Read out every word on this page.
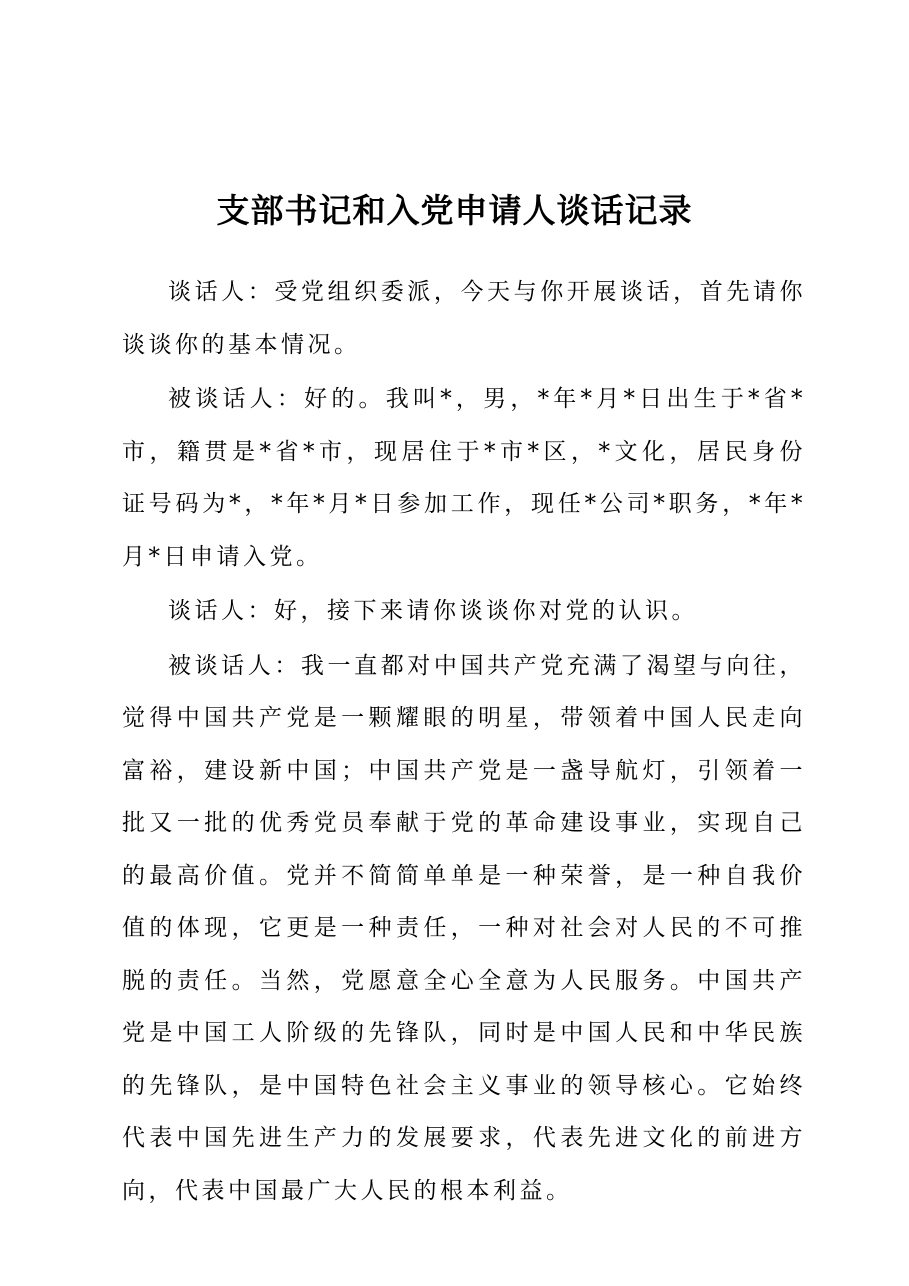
支部书记和入党申请人谈话记录

谈话人：受党组织委派，今天与你开展谈话，首先请你谈谈你的基本情况。

被谈话人：好的。我叫*，男，*年*月*日出生于*省*市，籍贯是*省*市，现居住于*市*区，*文化，居民身份证号码为*，*年*月*日参加工作，现任*公司*职务，*年*月*日申请入党。

谈话人：好，接下来请你谈谈你对党的认识。

被谈话人：我一直都对中国共产党充满了渴望与向往，觉得中国共产党是一颗耀眼的明星，带领着中国人民走向富裕，建设新中国；中国共产党是一盏导航灯，引领着一批又一批的优秀党员奉献于党的革命建设事业，实现自己的最高价值。党并不简简单单是一种荣誉，是一种自我价值的体现，它更是一种责任，一种对社会对人民的不可推脱的责任。当然，党愿意全心全意为人民服务。中国共产党是中国工人阶级的先锋队，同时是中国人民和中华民族的先锋队，是中国特色社会主义事业的领导核心。它始终代表中国先进生产力的发展要求，代表先进文化的前进方向，代表中国最广大人民的根本利益。
